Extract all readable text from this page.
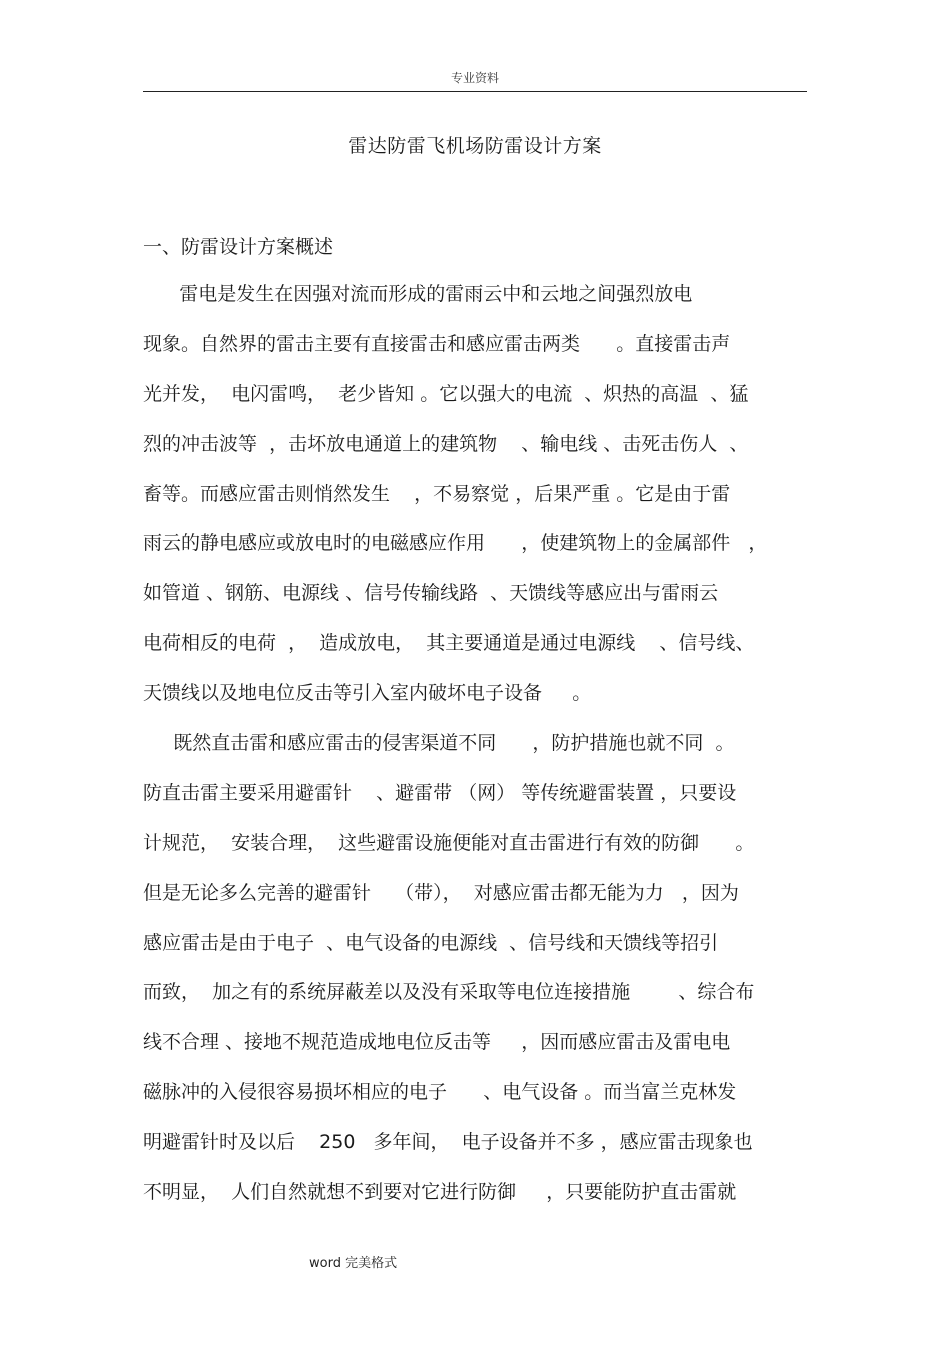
专业资料
雷达防雷飞机场防雷设计方案
一、防雷设计方案概述
雷电是发生在因强对流而形成的雷雨云中和云地之间强烈放电
现象。自然界的雷击主要有直接雷击和感应雷击两类      。直接雷击声
光并发，  电闪雷鸣，  老少皆知 。它以强大的电流  、炽热的高温  、猛
烈的冲击波等  ，击坏放电通道上的建筑物    、输电线 、击死击伤人  、
畜等。而感应雷击则悄然发生    ，不易察觉 ，后果严重 。它是由于雷
雨云的静电感应或放电时的电磁感应作用      ，使建筑物上的金属部件   ，
如管道 、钢筋、电源线 、信号传输线路  、天馈线等感应出与雷雨云
电荷相反的电荷  ，  造成放电，  其主要通道是通过电源线    、信号线、
天馈线以及地电位反击等引入室内破坏电子设备     。
既然直击雷和感应雷击的侵害渠道不同      ，防护措施也就不同  。
防直击雷主要采用避雷针    、避雷带 （网） 等传统避雷装置 ，只要设
计规范，  安装合理，  这些避雷设施便能对直击雷进行有效的防御      。
但是无论多么完善的避雷针    （带），  对感应雷击都无能为力   ，因为
感应雷击是由于电子  、电气设备的电源线  、信号线和天馈线等招引
而致，  加之有的系统屏蔽差以及没有采取等电位连接措施        、综合布
线不合理 、接地不规范造成地电位反击等     ，因而感应雷击及雷电电
磁脉冲的入侵很容易损坏相应的电子      、电气设备 。而当富兰克林发
明避雷针时及以后    250   多年间，  电子设备并不多 ，感应雷击现象也
不明显，  人们自然就想不到要对它进行防御     ，只要能防护直击雷就
word 完美格式
